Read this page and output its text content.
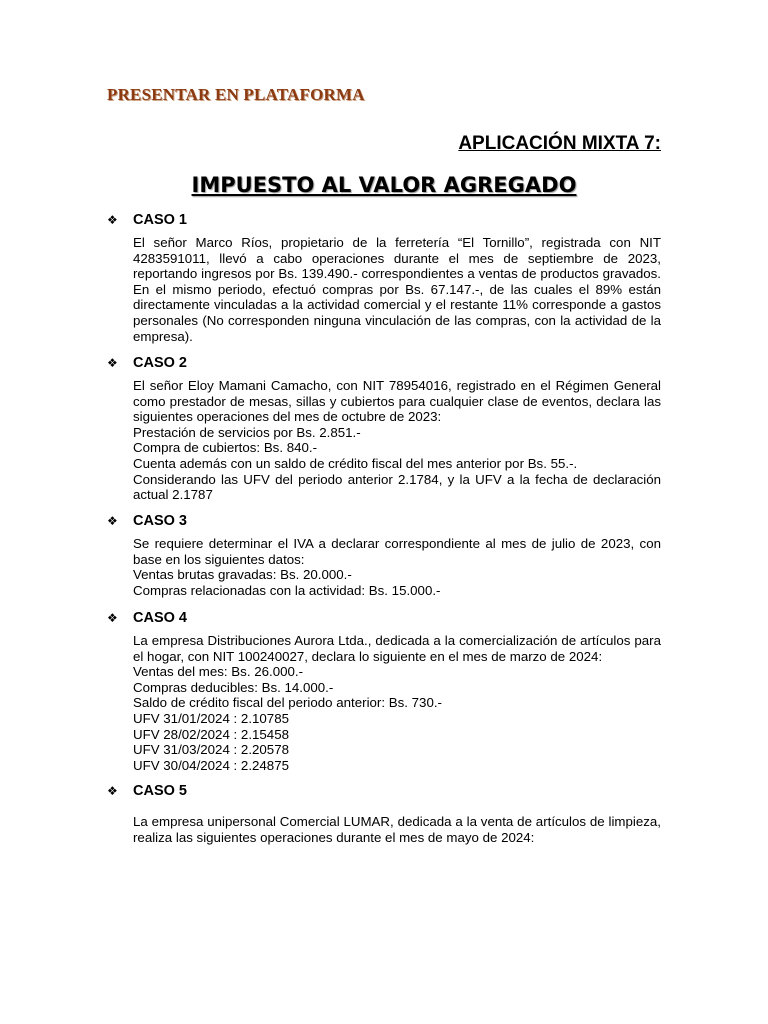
PRESENTAR EN PLATAFORMA
APLICACIÓN MIXTA 7:
IMPUESTO AL VALOR AGREGADO
❖ CASO 1

El señor Marco Ríos, propietario de la ferretería “El Tornillo”, registrada con NIT 4283591011, llevó a cabo operaciones durante el mes de septiembre de 2023, reportando ingresos por Bs. 139.490.- correspondientes a ventas de productos gravados. En el mismo periodo, efectuó compras por Bs. 67.147.-, de las cuales el 89% están directamente vinculadas a la actividad comercial y el restante 11% corresponde a gastos personales (No corresponden ninguna vinculación de las compras, con la actividad de la empresa).

❖ CASO 2

El señor Eloy Mamani Camacho, con NIT 78954016, registrado en el Régimen General como prestador de mesas, sillas y cubiertos para cualquier clase de eventos, declara las siguientes operaciones del mes de octubre de 2023:

Prestación de servicios por Bs. 2.851.-

Compra de cubiertos: Bs. 840.-

Cuenta además con un saldo de crédito fiscal del mes anterior por Bs. 55.-.

Considerando las UFV del periodo anterior 2.1784, y la UFV a la fecha de declaración actual 2.1787

❖ CASO 3

Se requiere determinar el IVA a declarar correspondiente al mes de julio de 2023, con base en los siguientes datos:

Ventas brutas gravadas: Bs. 20.000.-

Compras relacionadas con la actividad: Bs. 15.000.-

❖ CASO 4

La empresa Distribuciones Aurora Ltda., dedicada a la comercialización de artículos para el hogar, con NIT 100240027, declara lo siguiente en el mes de marzo de 2024:

Ventas del mes: Bs. 26.000.-

Compras deducibles: Bs. 14.000.-

Saldo de crédito fiscal del periodo anterior: Bs. 730.-

UFV 31/01/2024 : 2.10785

UFV 28/02/2024 : 2.15458

UFV 31/03/2024 : 2.20578

UFV 30/04/2024 : 2.24875

❖ CASO 5

La empresa unipersonal Comercial LUMAR, dedicada a la venta de artículos de limpieza, realiza las siguientes operaciones durante el mes de mayo de 2024:
